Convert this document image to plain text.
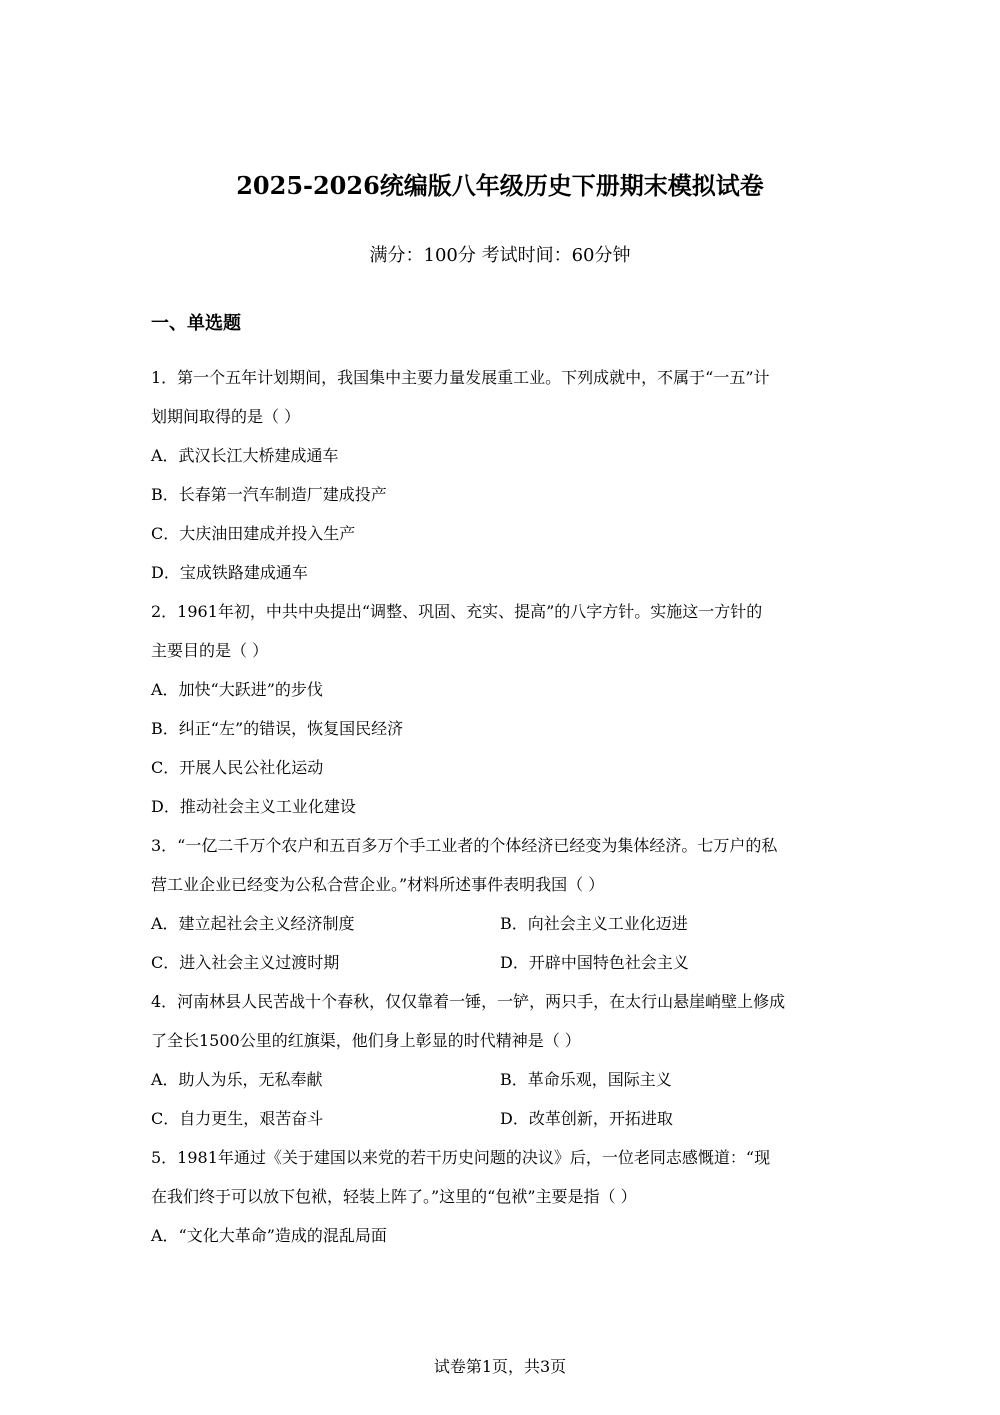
2025-2026统编版八年级历史下册期末模拟试卷
满分：100分 考试时间：60分钟
一、单选题
1．第一个五年计划期间，我国集中主要力量发展重工业。下列成就中，不属于“一五”计
划期间取得的是（ ）
A．武汉长江大桥建成通车
B．长春第一汽车制造厂建成投产
C．大庆油田建成并投入生产
D．宝成铁路建成通车
2．1961年初，中共中央提出“调整、巩固、充实、提高”的八字方针。实施这一方针的
主要目的是（ ）
A．加快“大跃进”的步伐
B．纠正“左”的错误，恢复国民经济
C．开展人民公社化运动
D．推动社会主义工业化建设
3．“一亿二千万个农户和五百多万个手工业者的个体经济已经变为集体经济。七万户的私
营工业企业已经变为公私合营企业。”材料所述事件表明我国（ ）
A．建立起社会主义经济制度	B．向社会主义工业化迈进
C．进入社会主义过渡时期	D．开辟中国特色社会主义
4．河南林县人民苦战十个春秋，仅仅靠着一锤，一铲，两只手，在太行山悬崖峭壁上修成
了全长1500公里的红旗渠，他们身上彰显的时代精神是（ ）
A．助人为乐，无私奉献	B．革命乐观，国际主义
C．自力更生，艰苦奋斗	D．改革创新，开拓进取
5．1981年通过《关于建国以来党的若干历史问题的决议》后，一位老同志感慨道：“现
在我们终于可以放下包袱，轻装上阵了。”这里的“包袱”主要是指（ ）
A．“文化大革命”造成的混乱局面
试卷第1页，共3页
